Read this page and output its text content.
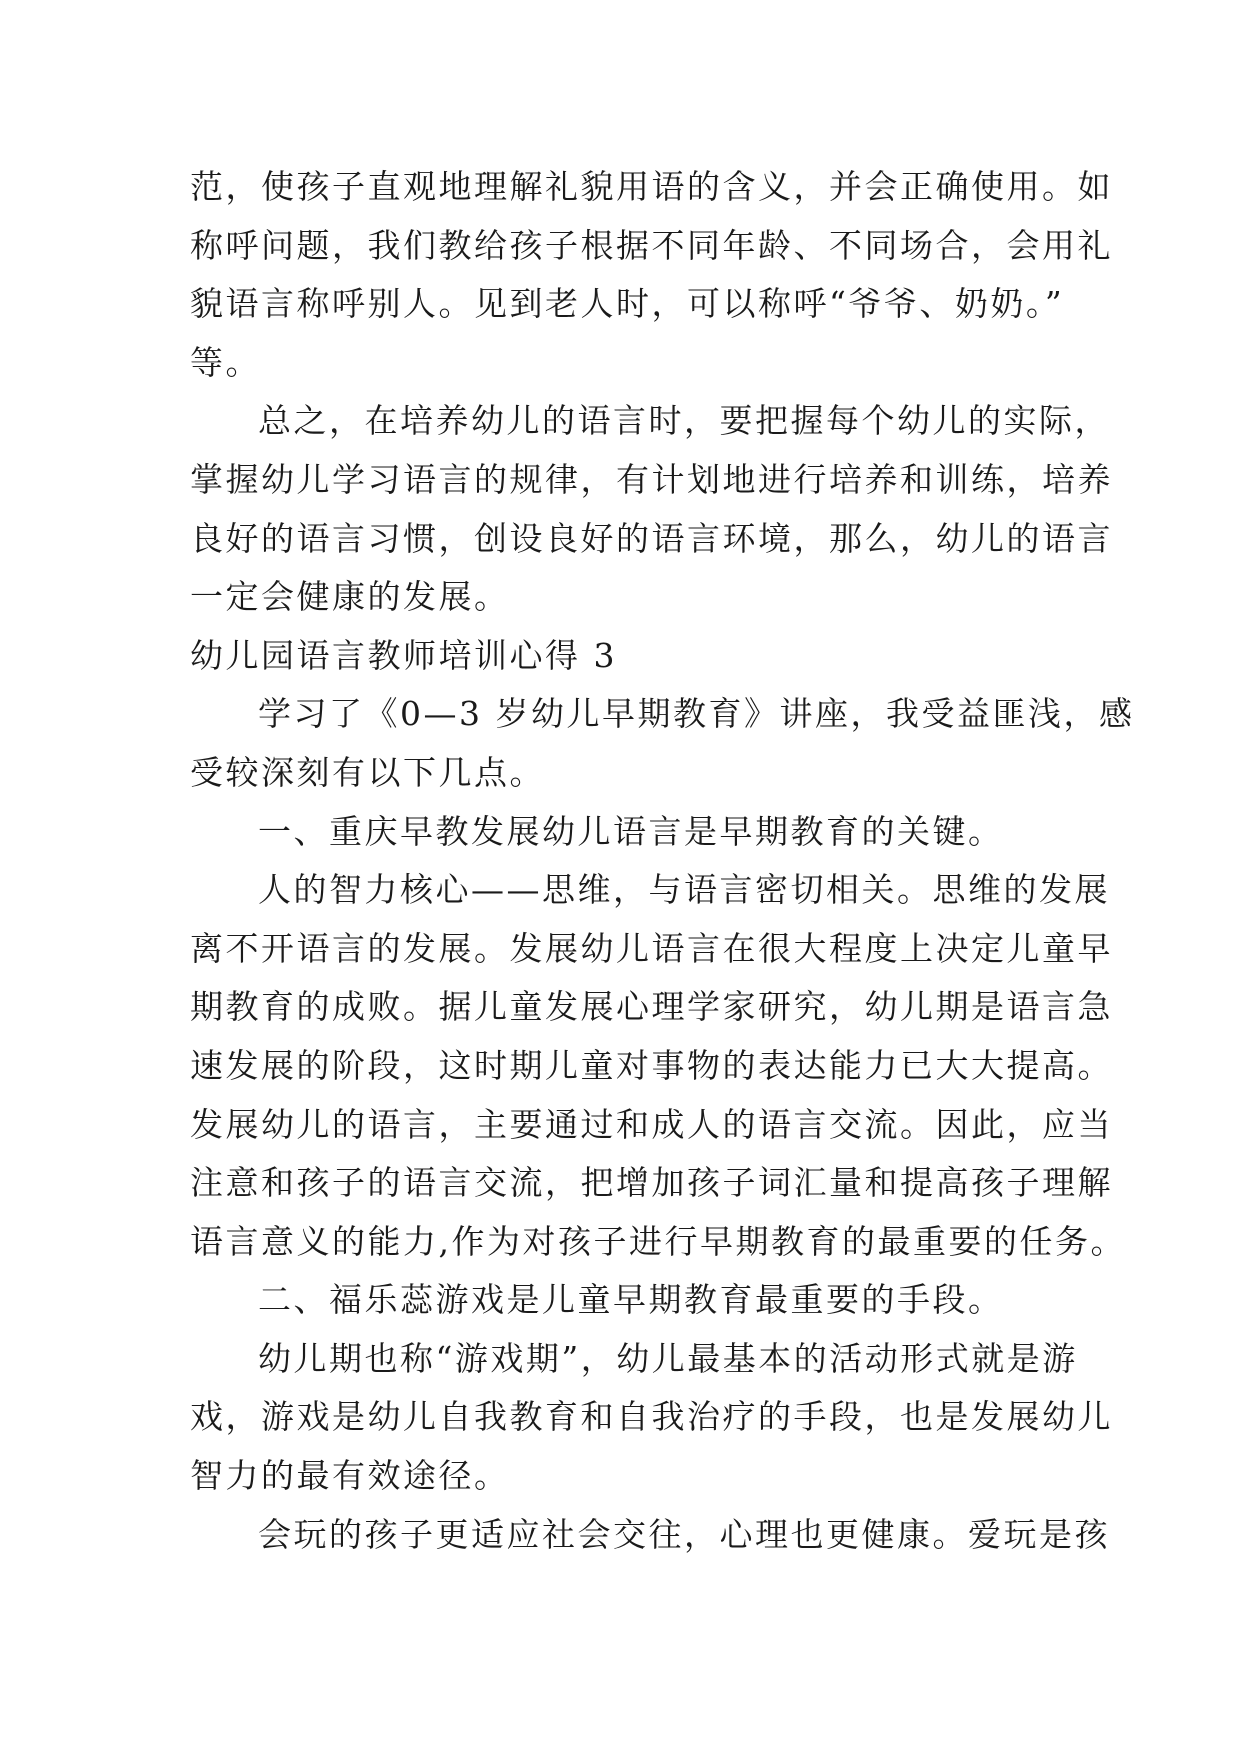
范，使孩子直观地理解礼貌用语的含义，并会正确使用。如
称呼问题，我们教给孩子根据不同年龄、不同场合，会用礼
貌语言称呼别人。见到老人时，可以称呼“爷爷、奶奶。”
等。
总之，在培养幼儿的语言时，要把握每个幼儿的实际，
掌握幼儿学习语言的规律，有计划地进行培养和训练，培养
良好的语言习惯，创设良好的语言环境，那么，幼儿的语言
一定会健康的发展。
幼儿园语言教师培训心得 3
学习了《0—3 岁幼儿早期教育》讲座，我受益匪浅，感
受较深刻有以下几点。
一、重庆早教发展幼儿语言是早期教育的关键。
人的智力核心——思维，与语言密切相关。思维的发展
离不开语言的发展。发展幼儿语言在很大程度上决定儿童早
期教育的成败。据儿童发展心理学家研究，幼儿期是语言急
速发展的阶段，这时期儿童对事物的表达能力已大大提高。
发展幼儿的语言，主要通过和成人的语言交流。因此，应当
注意和孩子的语言交流，把增加孩子词汇量和提高孩子理解
语言意义的能力,作为对孩子进行早期教育的最重要的任务。
二、福乐蕊游戏是儿童早期教育最重要的手段。
幼儿期也称“游戏期”，幼儿最基本的活动形式就是游
戏，游戏是幼儿自我教育和自我治疗的手段，也是发展幼儿
智力的最有效途径。
会玩的孩子更适应社会交往，心理也更健康。爱玩是孩
